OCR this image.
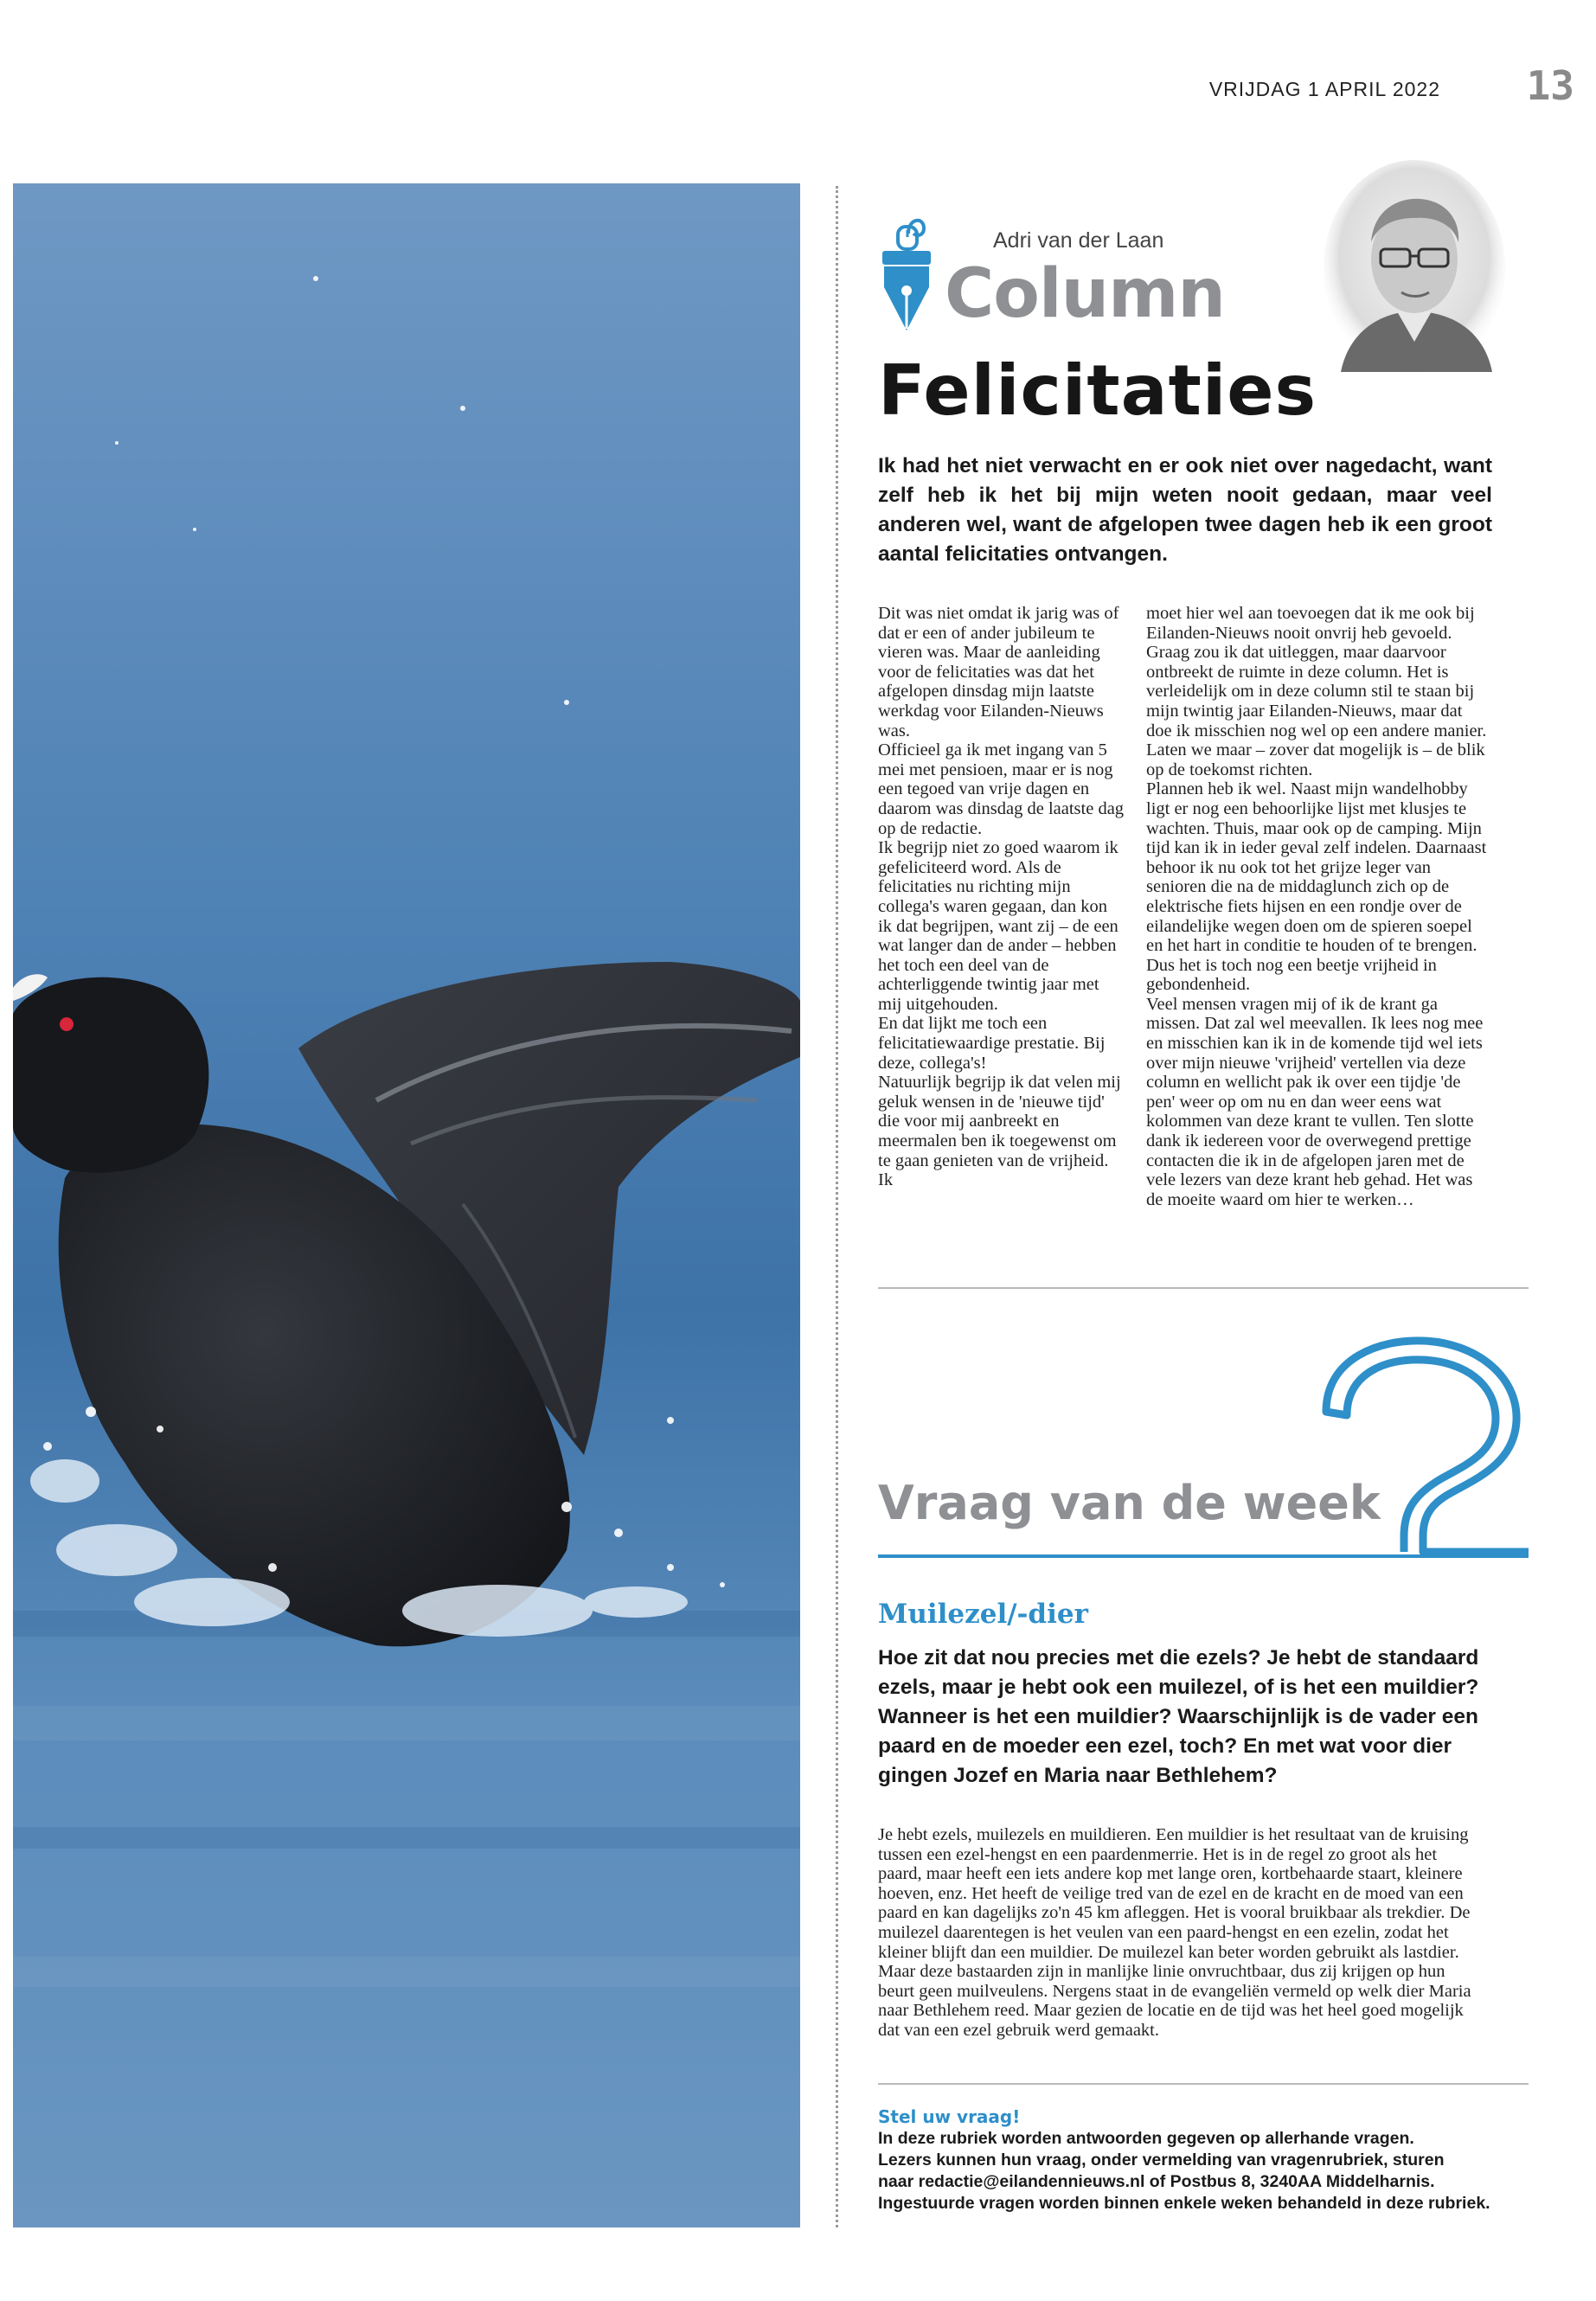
VRIJDAG 1 APRIL 2022	13
Adri van der Laan
Column
Felicitaties
Ik had het niet verwacht en er ook niet over nagedacht, want zelf heb ik het bij mijn weten nooit gedaan, maar veel anderen wel, want de afgelopen twee dagen heb ik een groot aantal felicitaties ontvangen.

Dit was niet omdat ik jarig was of dat er een of ander jubileum te vieren was. Maar de aanleiding voor de felicitaties was dat het afgelopen dinsdag mijn laatste werkdag voor Eilanden-Nieuws was.

Officieel ga ik met ingang van 5 mei met pensioen, maar er is nog een tegoed van vrije dagen en daarom was dinsdag de laatste dag op de redactie.

Ik begrijp niet zo goed waarom ik gefeliciteerd word. Als de felicitaties nu richting mijn collega's waren gegaan, dan kon ik dat begrijpen, want zij – de een wat langer dan de ander – hebben het toch een deel van de achterliggende twintig jaar met mij uitgehouden.

En dat lijkt me toch een felicitatiewaardige prestatie. Bij deze, collega's!

Natuurlijk begrijp ik dat velen mij geluk wensen in de 'nieuwe tijd' die voor mij aanbreekt en meermalen ben ik toegewenst om te gaan genieten van de vrijheid. Ik

moet hier wel aan toevoegen dat ik me ook bij Eilanden-Nieuws nooit onvrij heb gevoeld. Graag zou ik dat uitleggen, maar daarvoor ontbreekt de ruimte in deze column. Het is verleidelijk om in deze column stil te staan bij mijn twintig jaar Eilanden-Nieuws, maar dat doe ik misschien nog wel op een andere manier. Laten we maar – zover dat mogelijk is – de blik op de toekomst richten.

Plannen heb ik wel. Naast mijn wandelhobby ligt er nog een behoorlijke lijst met klusjes te wachten. Thuis, maar ook op de camping. Mijn tijd kan ik in ieder geval zelf indelen. Daarnaast behoor ik nu ook tot het grijze leger van senioren die na de middaglunch zich op de elektrische fiets hijsen en een rondje over de eilandelijke wegen doen om de spieren soepel en het hart in conditie te houden of te brengen. Dus het is toch nog een beetje vrijheid in gebondenheid.

Veel mensen vragen mij of ik de krant ga missen. Dat zal wel meevallen. Ik lees nog mee en misschien kan ik in de komende tijd wel iets over mijn nieuwe 'vrijheid' vertellen via deze column en wellicht pak ik over een tijdje 'de pen' weer op om nu en dan weer eens wat kolommen van deze krant te vullen. Ten slotte dank ik iedereen voor de overwegend prettige contacten die ik in de afgelopen jaren met de vele lezers van deze krant heb gehad. Het was de moeite waard om hier te werken…

Vraag van de week
Muilezel/-dier
Hoe zit dat nou precies met die ezels? Je hebt de standaard ezels, maar je hebt ook een muilezel, of is het een muildier? Wanneer is het een muildier? Waarschijnlijk is de vader een paard en de moeder een ezel, toch? En met wat voor dier gingen Jozef en Maria naar Bethlehem?
Je hebt ezels, muilezels en muildieren. Een muildier is het resultaat van de kruising tussen een ezel-hengst en een paardenmerrie. Het is in de regel zo groot als het paard, maar heeft een iets andere kop met lange oren, kortbehaarde staart, kleinere hoeven, enz. Het heeft de veilige tred van de ezel en de kracht en de moed van een paard en kan dagelijks zo'n 45 km afleggen. Het is vooral bruikbaar als trekdier. De muilezel daarentegen is het veulen van een paard-hengst en een ezelin, zodat het kleiner blijft dan een muildier. De muilezel kan beter worden gebruikt als lastdier. Maar deze bastaarden zijn in manlijke linie onvruchtbaar, dus zij krijgen op hun beurt geen muilveulens. Nergens staat in de evangeliën vermeld op welk dier Maria naar Bethlehem reed. Maar gezien de locatie en de tijd was het heel goed mogelijk dat van een ezel gebruik werd gemaakt.
Stel uw vraag!
In deze rubriek worden antwoorden gegeven op allerhande vragen.
Lezers kunnen hun vraag, onder vermelding van vragenrubriek, sturen
naar redactie@eilandennieuws.nl of Postbus 8, 3240AA Middelharnis.
Ingestuurde vragen worden binnen enkele weken behandeld in deze rubriek.
